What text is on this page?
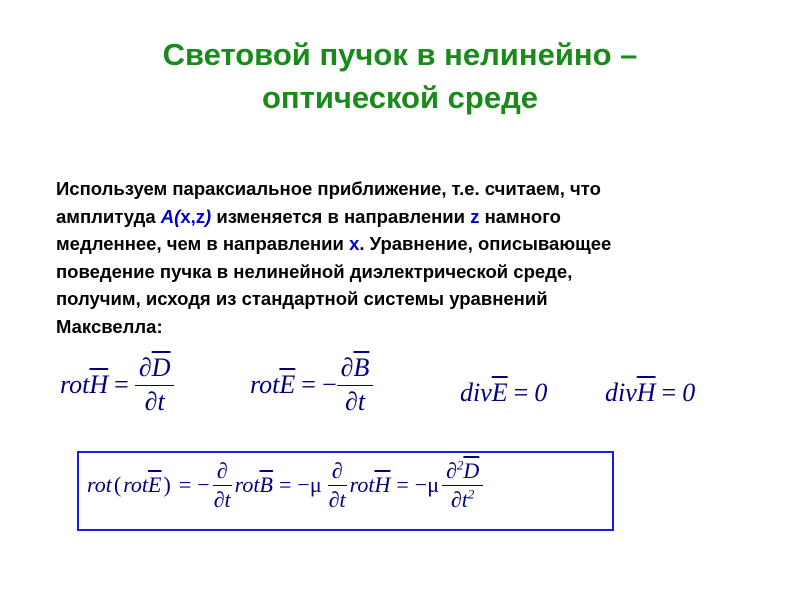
Световой пучок в нелинейно –
оптической среде
Используем параксиальное приближение, т.е. считаем, что
амплитуда А(x,z) изменяется в направлении z намного
медленнее, чем в направлении x. Уравнение, описывающее
поведение пучка в нелинейной диэлектрической среде,
получим, исходя из стандартной системы уравнений
Максвелла:
rot $\overline{H} = \frac{\partial\overline{D}}{\partial t}$	rot $\overline{E}$ = − $\frac{\partial\overline{B}}{\partial t}$	div $\overline{E} = 0$ div $\overline{H} = 0$
rot ( rot $\overline{E}$ ) = − $\frac{\partial}{\partial t}$ rot $\overline{B}$ = − μ $\frac{\partial}{\partial t}$ rot $\overline{H}$ = − μ $\frac{\partial^2\overline{D}}{\partial t^2}$
